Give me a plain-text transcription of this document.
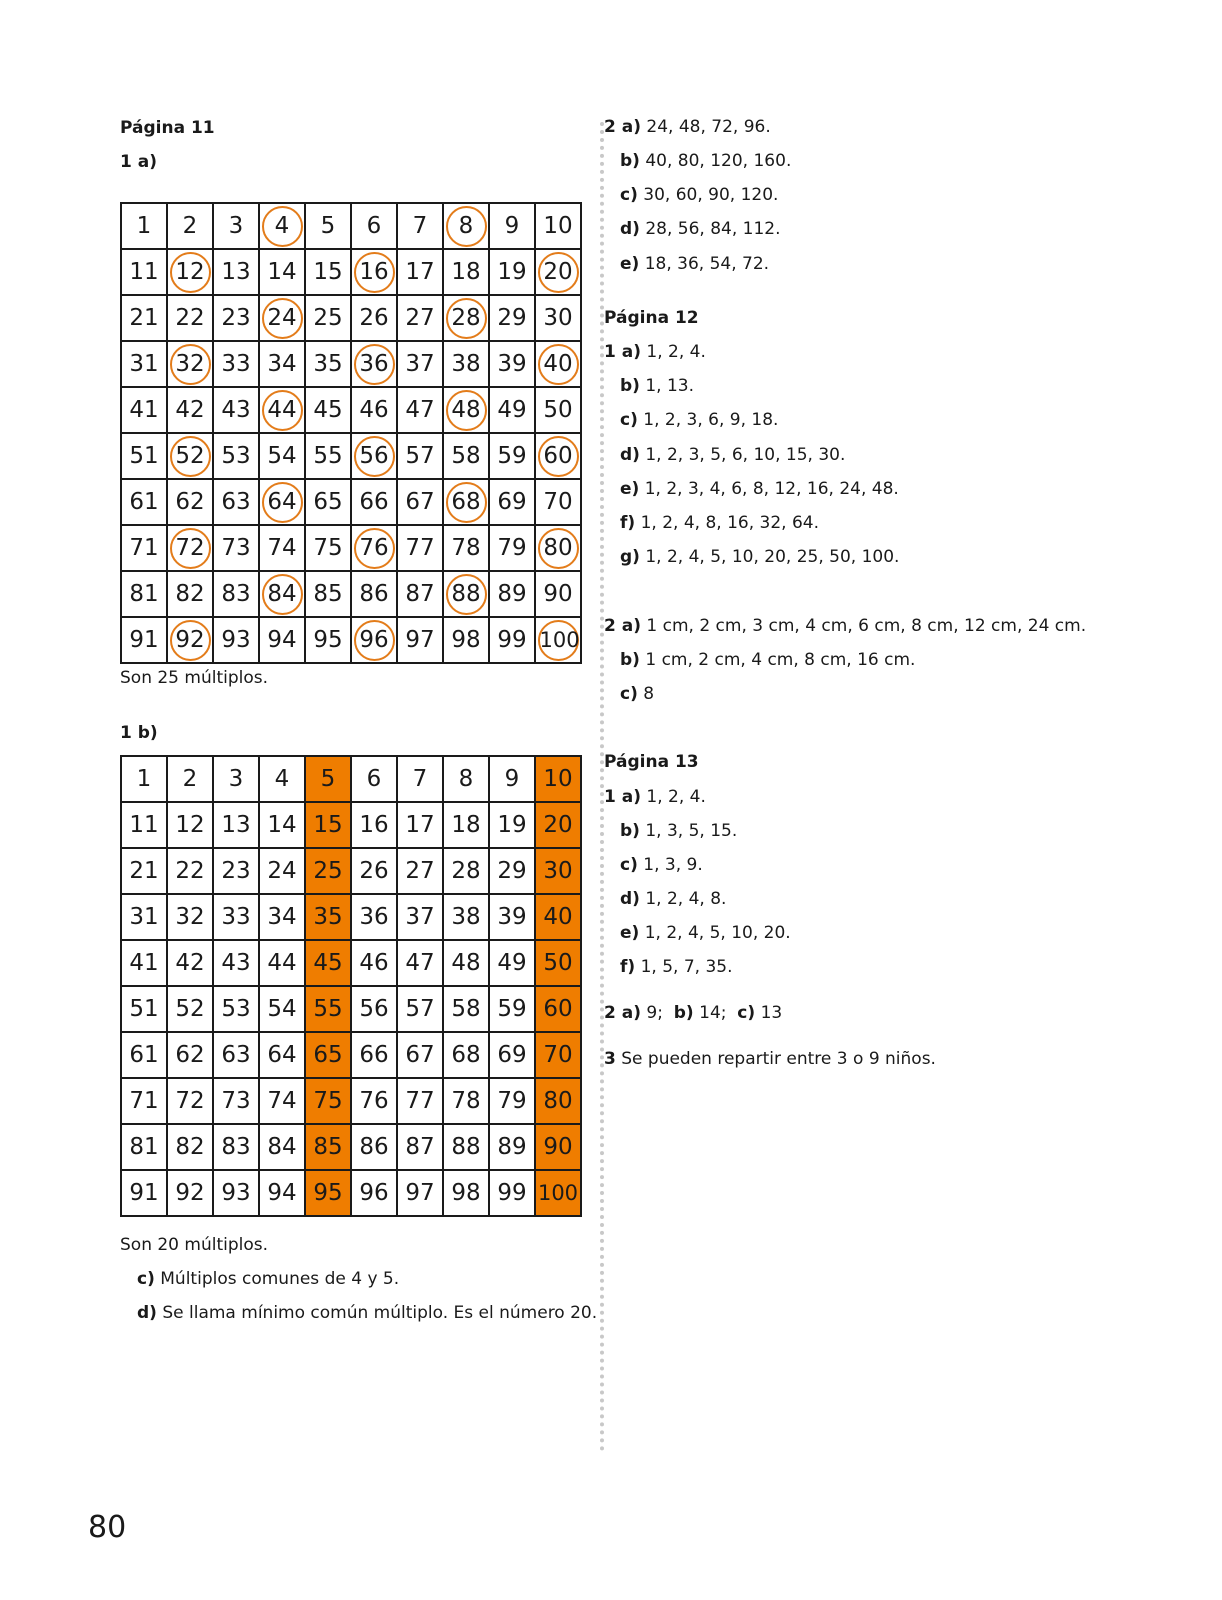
Página 11
1 a)
1	2	3	4	5	6	7	8	9	10
11	12	13	14	15	16	17	18	19	20
21	22	23	24	25	26	27	28	29	30
31	32	33	34	35	36	37	38	39	40
41	42	43	44	45	46	47	48	49	50
51	52	53	54	55	56	57	58	59	60
61	62	63	64	65	66	67	68	69	70
71	72	73	74	75	76	77	78	79	80
81	82	83	84	85	86	87	88	89	90
91	92	93	94	95	96	97	98	99	100
Son 25 múltiplos.
1 b)
1	2	3	4	5	6	7	8	9	10
11	12	13	14	15	16	17	18	19	20
21	22	23	24	25	26	27	28	29	30
31	32	33	34	35	36	37	38	39	40
41	42	43	44	45	46	47	48	49	50
51	52	53	54	55	56	57	58	59	60
61	62	63	64	65	66	67	68	69	70
71	72	73	74	75	76	77	78	79	80
81	82	83	84	85	86	87	88	89	90
91	92	93	94	95	96	97	98	99	100
Son 20 múltiplos.
c) Múltiplos comunes de 4 y 5.
d) Se llama mínimo común múltiplo. Es el número 20.
2 a) 24, 48, 72, 96.
b) 40, 80, 120, 160.
c) 30, 60, 90, 120.
d) 28, 56, 84, 112.
e) 18, 36, 54, 72.
Página 12
1 a) 1, 2, 4.
b) 1, 13.
c) 1, 2, 3, 6, 9, 18.
d) 1, 2, 3, 5, 6, 10, 15, 30.
e) 1, 2, 3, 4, 6, 8, 12, 16, 24, 48.
f) 1, 2, 4, 8, 16, 32, 64.
g) 1, 2, 4, 5, 10, 20, 25, 50, 100.
2 a) 1 cm, 2 cm, 3 cm, 4 cm, 6 cm, 8 cm, 12 cm, 24 cm.
b) 1 cm, 2 cm, 4 cm, 8 cm, 16 cm.
c) 8
Página 13
1 a) 1, 2, 4.
b) 1, 3, 5, 15.
c) 1, 3, 9.
d) 1, 2, 4, 8.
e) 1, 2, 4, 5, 10, 20.
f) 1, 5, 7, 35.
2 a) 9; b) 14; c) 13
3 Se pueden repartir entre 3 o 9 niños.
80
